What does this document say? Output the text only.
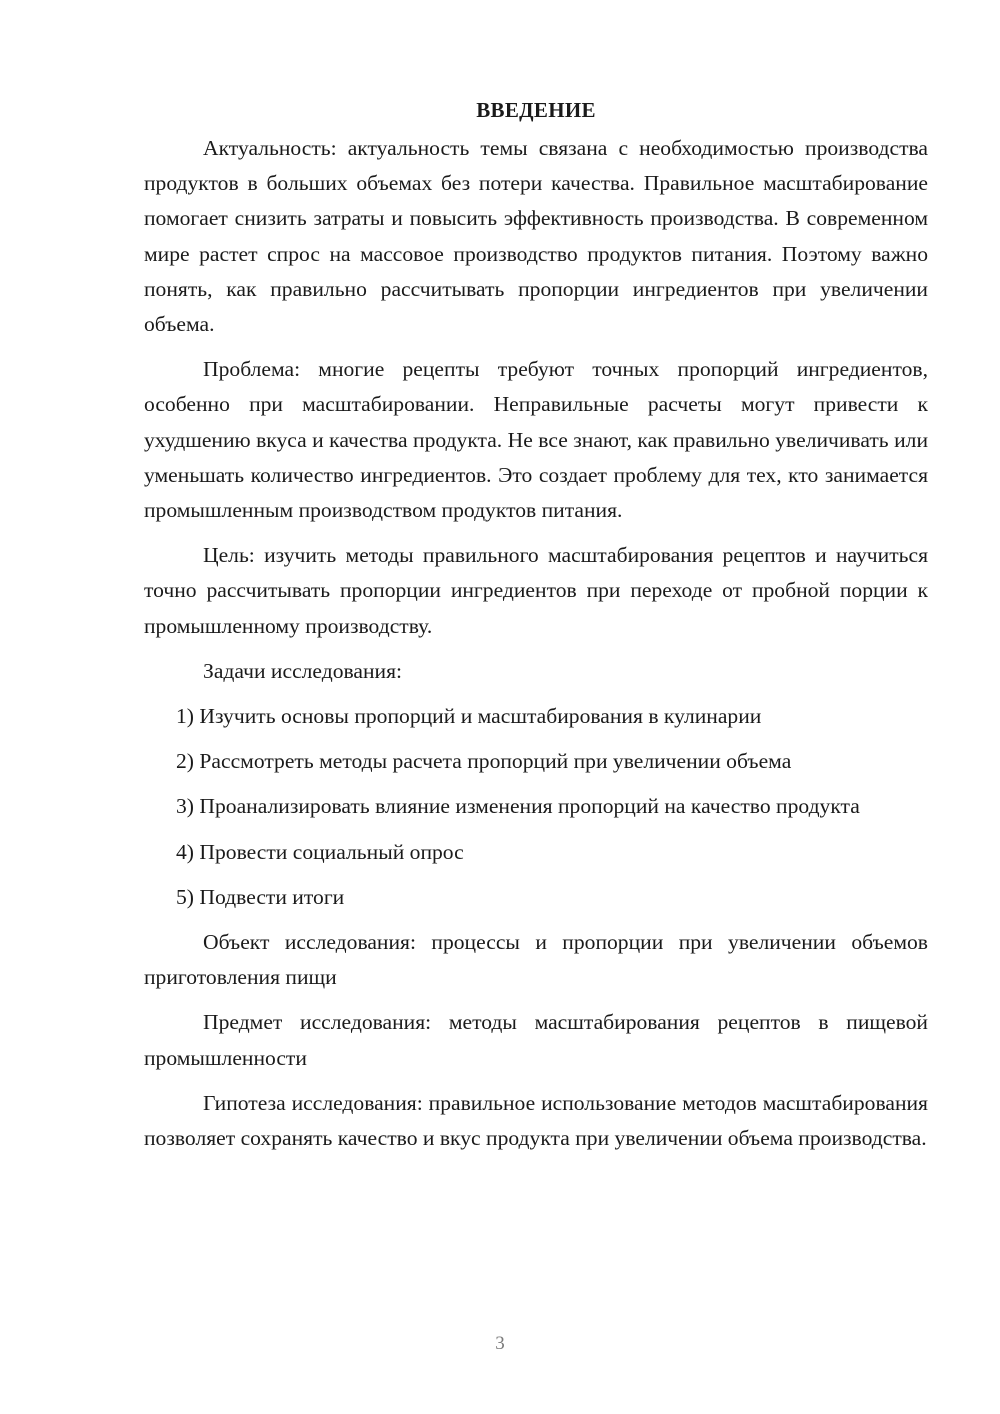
ВВЕДЕНИЕ

Актуальность: актуальность темы связана с необходимостью производства продуктов в больших объемах без потери качества. Правильное масштабирование помогает снизить затраты и повысить эффективность производства. В современном мире растет спрос на массовое производство продуктов питания. Поэтому важно понять, как правильно рассчитывать пропорции ингредиентов при увеличении объема.

Проблема: многие рецепты требуют точных пропорций ингредиентов, особенно при масштабировании. Неправильные расчеты могут привести к ухудшению вкуса и качества продукта. Не все знают, как правильно увеличивать или уменьшать количество ингредиентов. Это создает проблему для тех, кто занимается промышленным производством продуктов питания.

Цель: изучить методы правильного масштабирования рецептов и научиться точно рассчитывать пропорции ингредиентов при переходе от пробной порции к промышленному производству.

Задачи исследования:

1) Изучить основы пропорций и масштабирования в кулинарии

2) Рассмотреть методы расчета пропорций при увеличении объема

3) Проанализировать влияние изменения пропорций на качество продукта

4) Провести социальный опрос

5) Подвести итоги

Объект исследования: процессы и пропорции при увеличении объемов приготовления пищи

Предмет исследования: методы масштабирования рецептов в пищевой промышленности

Гипотеза исследования: правильное использование методов масштабирования позволяет сохранять качество и вкус продукта при увеличении объема производства.

3
